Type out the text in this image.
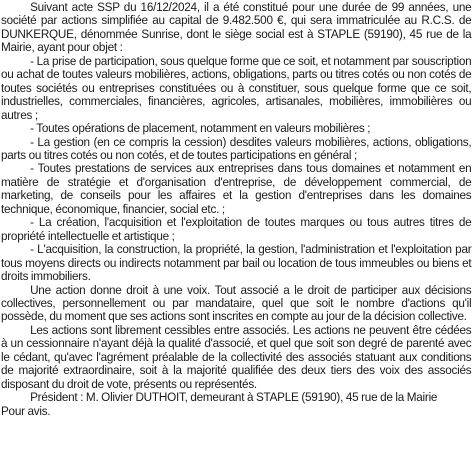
Suivant acte SSP du 16/12/2024, il a été constitué pour une durée de 99 années, une société par actions simplifiée au capital de 9.482.500 €, qui sera immatriculée au R.C.S. de DUNKERQUE, dénommée Sunrise, dont le siège social est à STAPLE (59190), 45 rue de la Mairie, ayant pour objet :

- La prise de participation, sous quelque forme que ce soit, et notamment par souscription ou achat de toutes valeurs mobilières, actions, obligations, parts ou titres cotés ou non cotés de toutes sociétés ou entreprises constituées ou à constituer, sous quelque forme que ce soit, industrielles, commerciales, financières, agricoles, artisanales, mobilières, immobilières ou autres ;

- Toutes opérations de placement, notamment en valeurs mobilières ;

- La gestion (en ce compris la cession) desdites valeurs mobilières, actions, obligations, parts ou titres cotés ou non cotés, et de toutes participations en général ;

- Toutes prestations de services aux entreprises dans tous domaines et notamment en matière de stratégie et d'organisation d'entreprise, de développement commercial, de marketing, de conseils pour les affaires et la gestion d'entreprises dans les domaines technique, économique, financier, social etc. ;

- La création, l'acquisition et l'exploitation de toutes marques ou tous autres titres de propriété intellectuelle et artistique ;

- L'acquisition, la construction, la propriété, la gestion, l'administration et l'exploitation par tous moyens directs ou indirects notamment par bail ou location de tous immeubles ou biens et droits immobiliers.

Une action donne droit à une voix. Tout associé a le droit de participer aux décisions collectives, personnellement ou par mandataire, quel que soit le nombre d'actions qu'il possède, du moment que ses actions sont inscrites en compte au jour de la décision collective.

Les actions sont librement cessibles entre associés. Les actions ne peuvent être cédées à un cessionnaire n'ayant déjà la qualité d'associé, et quel que soit son degré de parenté avec le cédant, qu'avec l'agrément préalable de la collectivité des associés statuant aux conditions de majorité extraordinaire, soit à la majorité qualifiée des deux tiers des voix des associés disposant du droit de vote, présents ou représentés.

Président : M. Olivier DUTHOIT, demeurant à STAPLE (59190), 45 rue de la Mairie

Pour avis.
